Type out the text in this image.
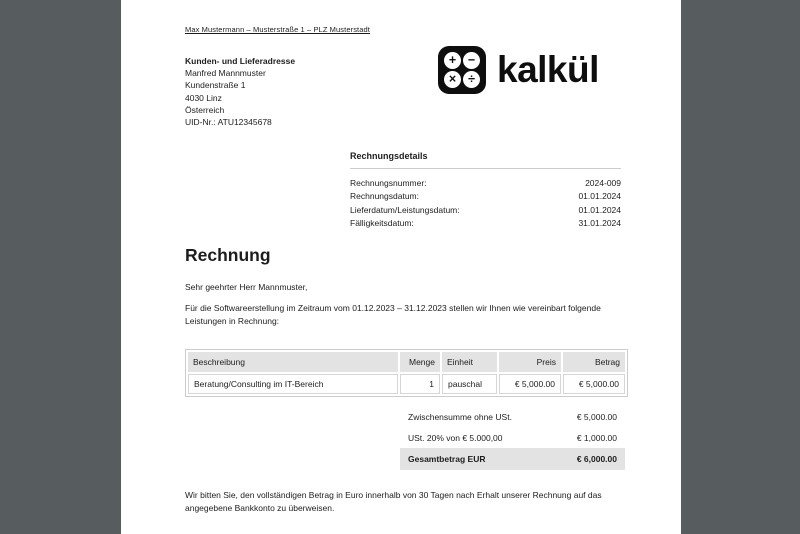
Max Mustermann – Musterstraße 1 – PLZ Musterstadt
Kunden- und Lieferadresse
Manfred Mannmuster
Kundenstraße 1
4030 Linz
Österreich
UID-Nr.: ATU12345678
+ −
× ÷ kalkül
Rechnungsdetails
Rechnungsnummer:	2024-009
Rechnungsdatum:	01.01.2024
Lieferdatum/Leistungsdatum:	01.01.2024
Fälligkeitsdatum:	31.01.2024
Rechnung

Sehr geehrter Herr Mannmuster,

Für die Softwareerstellung im Zeitraum vom 01.12.2023 – 31.12.2023 stellen wir Ihnen wie vereinbart folgende Leistungen in Rechnung:

Beschreibung	Menge	Einheit	Preis	Betrag
Beratung/Consulting im IT-Bereich	1	pauschal	€ 5,000.00	€ 5,000.00
Zwischensumme ohne USt.	€ 5,000.00
USt. 20% von € 5.000,00	€ 1,000.00
Gesamtbetrag EUR	€ 6,000.00

Wir bitten Sie, den vollständigen Betrag in Euro innerhalb von 30 Tagen nach Erhalt unserer Rechnung auf das angegebene Bankkonto zu überweisen.
